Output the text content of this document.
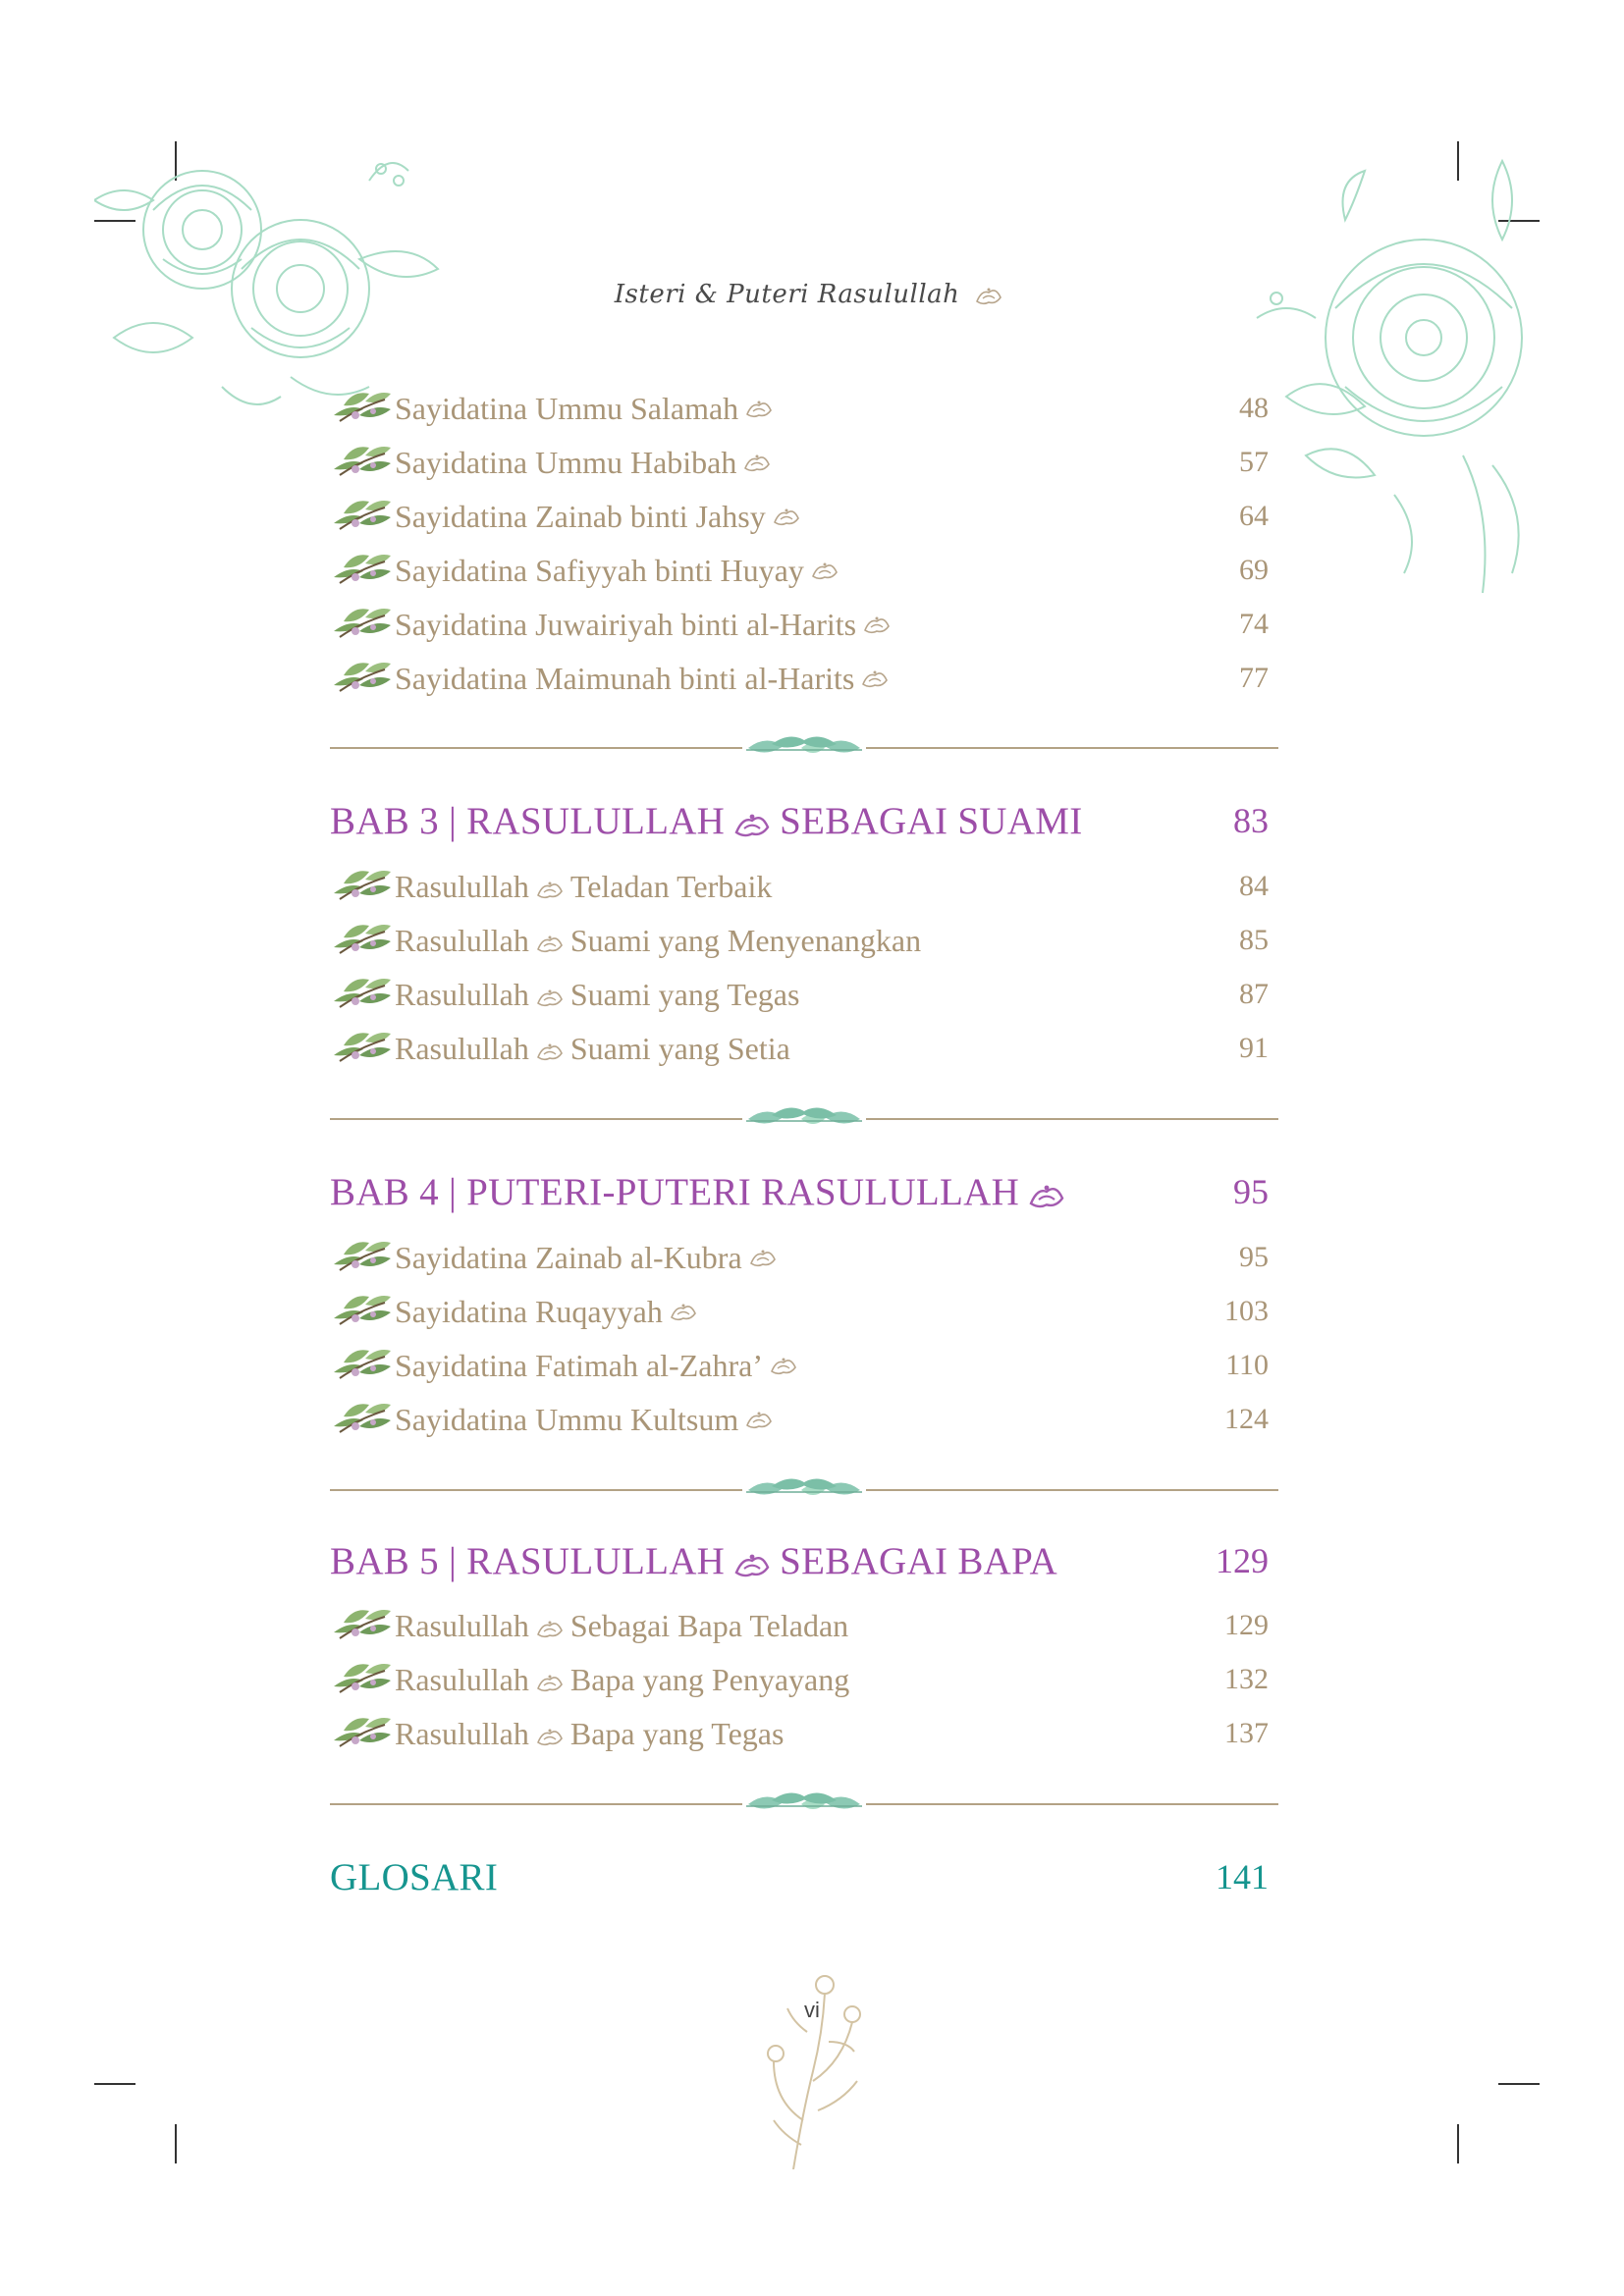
Isteri & Puteri Rasulullah
Sayidatina Ummu Salamah	48
Sayidatina Ummu Habibah	57
Sayidatina Zainab binti Jahsy	64
Sayidatina Safiyyah binti Huyay	69
Sayidatina Juwairiyah binti al-Harits	74
Sayidatina Maimunah binti al-Harits	77
BAB 3 | RASULULLAH SEBAGAI SUAMI	83
Rasulullah Teladan Terbaik	84
Rasulullah Suami yang Menyenangkan	85
Rasulullah Suami yang Tegas	87
Rasulullah Suami yang Setia	91
BAB 4 | PUTERI-PUTERI RASULULLAH	95
Sayidatina Zainab al-Kubra	95
Sayidatina Ruqayyah	103
Sayidatina Fatimah al-Zahra’	110
Sayidatina Ummu Kultsum	124
BAB 5 | RASULULLAH SEBAGAI BAPA	129
Rasulullah Sebagai Bapa Teladan	129
Rasulullah Bapa yang Penyayang	132
Rasulullah Bapa yang Tegas	137
GLOSARI	141
vi
